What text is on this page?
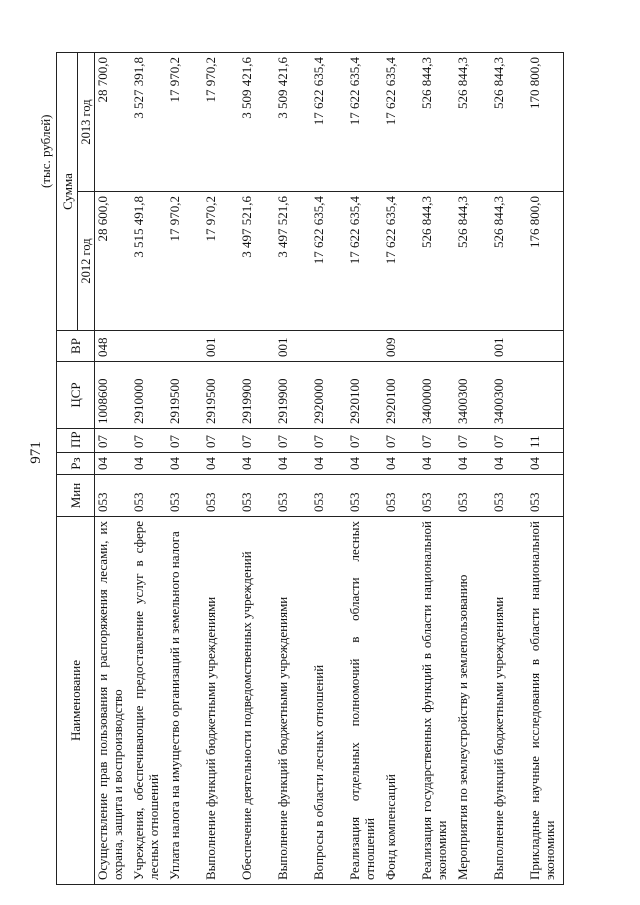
971
(тыс. рублей)
Наименование	Мин	Рз	ПР	ЦСР	ВР	Сумма	
						2012 год	2013 год
Осуществление прав пользования и распоряжения лесами, их охрана, защита и воспроизводство	053	04	07	1008600	048	28 600,0	28 700,0
Учреждения, обеспечивающие предоставление услуг в сфере лесных отношений	053	04	07	2910000		3 515 491,8	3 527 391,8
Уплата налога на имущество организаций и земельного налога	053	04	07	2919500		17 970,2	17 970,2
Выполнение функций бюджетными учреждениями	053	04	07	2919500	001	17 970,2	17 970,2
Обеспечение деятельности подведомственных учреждений	053	04	07	2919900		3 497 521,6	3 509 421,6
Выполнение функций бюджетными учреждениями	053	04	07	2919900	001	3 497 521,6	3 509 421,6
Вопросы в области лесных отношений	053	04	07	2920000		17 622 635,4	17 622 635,4
Реализация отдельных полномочий в области лесных отношений	053	04	07	2920100		17 622 635,4	17 622 635,4
Фонд компенсаций	053	04	07	2920100	009	17 622 635,4	17 622 635,4
Реализация государственных функций в области национальной экономики	053	04	07	3400000		526 844,3	526 844,3
Мероприятия по землеустройству и землепользованию	053	04	07	3400300		526 844,3	526 844,3
Выполнение функций бюджетными учреждениями	053	04	07	3400300	001	526 844,3	526 844,3
Прикладные научные исследования в области национальной экономики	053	04	11			176 800,0	170 800,0
